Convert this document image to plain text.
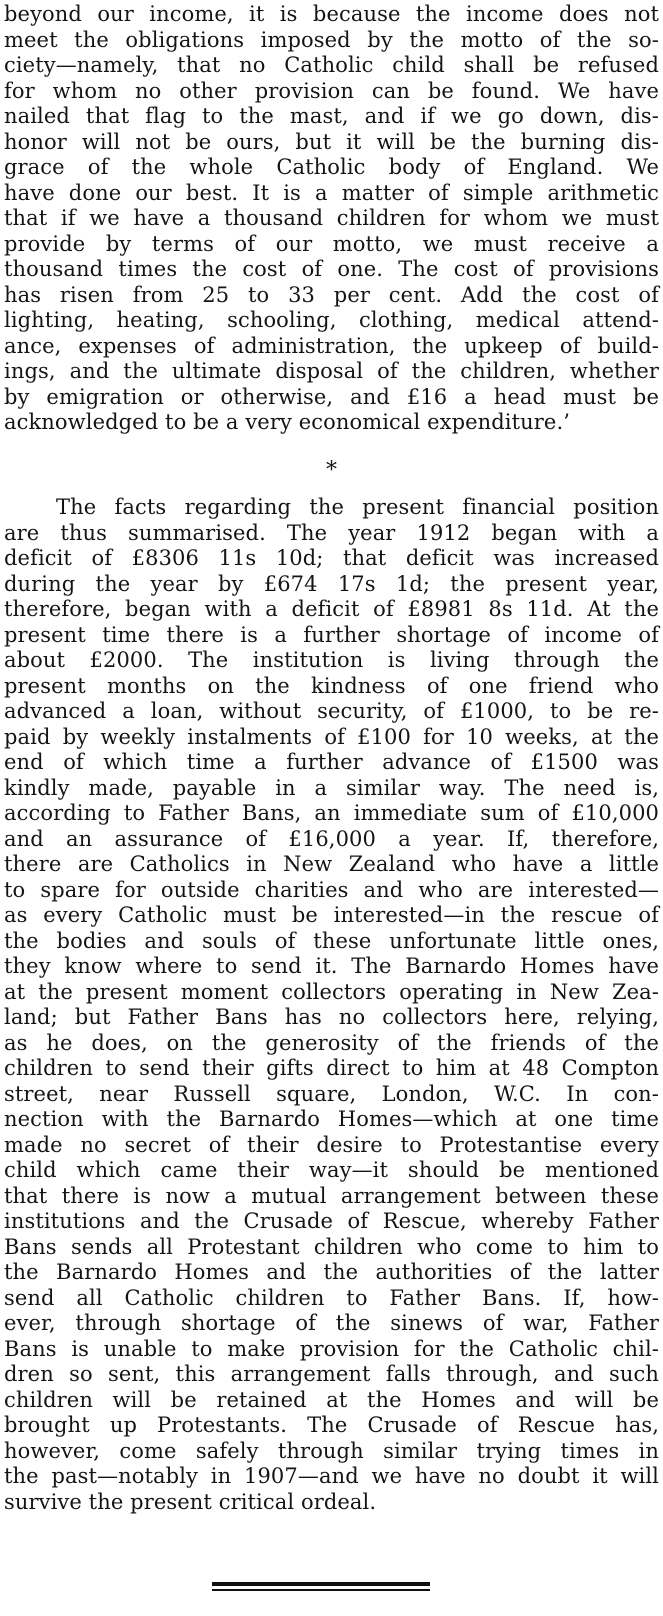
beyond our income, it is because the income does not
meet the obligations imposed by the motto of the so-
ciety—namely, that no Catholic child shall be refused
for whom no other provision can be found. We have
nailed that flag to the mast, and if we go down, dis-
honor will not be ours, but it will be the burning dis-
grace of the whole Catholic body of England. We
have done our best. It is a matter of simple arithmetic
that if we have a thousand children for whom we must
provide by terms of our motto, we must receive a
thousand times the cost of one. The cost of provisions
has risen from 25 to 33 per cent. Add the cost of
lighting, heating, schooling, clothing, medical attend-
ance, expenses of administration, the upkeep of build-
ings, and the ultimate disposal of the children, whether
by emigration or otherwise, and £16 a head must be
acknowledged to be a very economical expenditure.’
*
The facts regarding the present financial position
are thus summarised. The year 1912 began with a
deficit of £8306 11s 10d; that deficit was increased
during the year by £674 17s 1d; the present year,
therefore, began with a deficit of £8981 8s 11d. At the
present time there is a further shortage of income of
about £2000. The institution is living through the
present months on the kindness of one friend who
advanced a loan, without security, of £1000, to be re-
paid by weekly instalments of £100 for 10 weeks, at the
end of which time a further advance of £1500 was
kindly made, payable in a similar way. The need is,
according to Father Bans, an immediate sum of £10,000
and an assurance of £16,000 a year. If, therefore,
there are Catholics in New Zealand who have a little
to spare for outside charities and who are interested—
as every Catholic must be interested—in the rescue of
the bodies and souls of these unfortunate little ones,
they know where to send it. The Barnardo Homes have
at the present moment collectors operating in New Zea-
land; but Father Bans has no collectors here, relying,
as he does, on the generosity of the friends of the
children to send their gifts direct to him at 48 Compton
street, near Russell square, London, W.C. In con-
nection with the Barnardo Homes—which at one time
made no secret of their desire to Protestantise every
child which came their way—it should be mentioned
that there is now a mutual arrangement between these
institutions and the Crusade of Rescue, whereby Father
Bans sends all Protestant children who come to him to
the Barnardo Homes and the authorities of the latter
send all Catholic children to Father Bans. If, how-
ever, through shortage of the sinews of war, Father
Bans is unable to make provision for the Catholic chil-
dren so sent, this arrangement falls through, and such
children will be retained at the Homes and will be
brought up Protestants. The Crusade of Rescue has,
however, come safely through similar trying times in
the past—notably in 1907—and we have no doubt it will
survive the present critical ordeal.
